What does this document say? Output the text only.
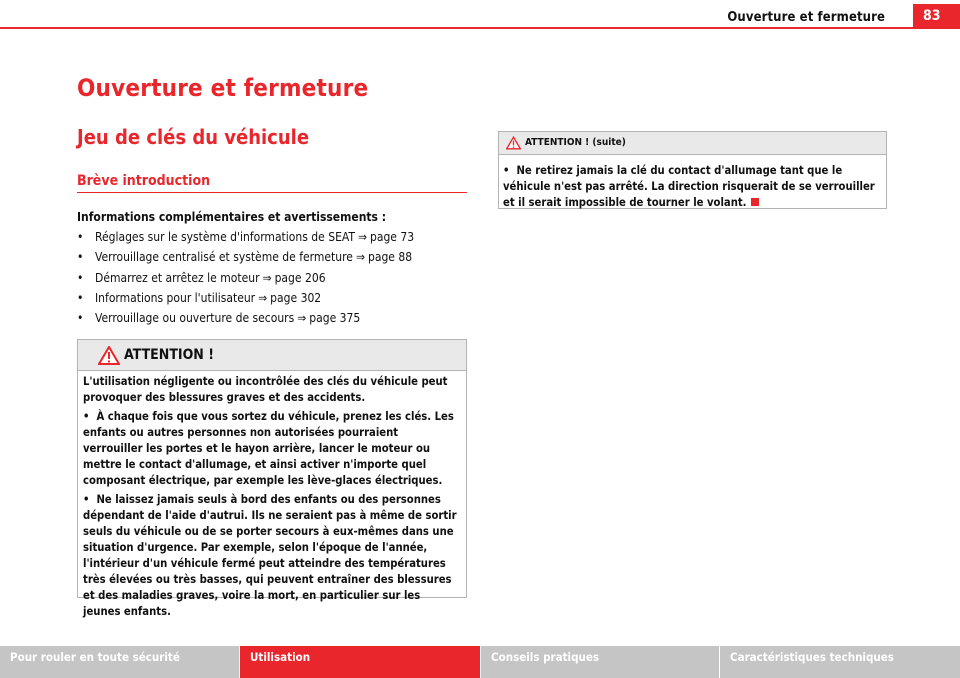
Ouverture et fermeture	83
Ouverture et fermeture
Jeu de clés du véhicule
Brève introduction
Informations complémentaires et avertissements :
• Réglages sur le système d'informations de SEAT ⇒ page 73
• Verrouillage centralisé et système de fermeture ⇒ page 88
• Démarrez et arrêtez le moteur ⇒ page 206
• Informations pour l'utilisateur ⇒ page 302
• Verrouillage ou ouverture de secours ⇒ page 375
ATTENTION !

L'utilisation négligente ou incontrôlée des clés du véhicule peut provoquer des blessures graves et des accidents.

• À chaque fois que vous sortez du véhicule, prenez les clés. Les enfants ou autres personnes non autorisées pourraient verrouiller les portes et le hayon arrière, lancer le moteur ou mettre le contact d'allumage, et ainsi activer n'importe quel composant électrique, par exemple les lève-glaces électriques.

• Ne laissez jamais seuls à bord des enfants ou des personnes dépendant de l'aide d'autrui. Ils ne seraient pas à même de sortir seuls du véhicule ou de se porter secours à eux-mêmes dans une situation d'urgence. Par exemple, selon l'époque de l'année, l'intérieur d'un véhicule fermé peut atteindre des températures très élevées ou très basses, qui peuvent entraîner des blessures et des maladies graves, voire la mort, en particulier sur les jeunes enfants.

ATTENTION ! (suite)
• Ne retirez jamais la clé du contact d'allumage tant que le véhicule n'est pas arrêté. La direction risquerait de se verrouiller et il serait impossible de tourner le volant.
Pour rouler en toute sécurité	Utilisation	Conseils pratiques	Caractéristiques techniques
